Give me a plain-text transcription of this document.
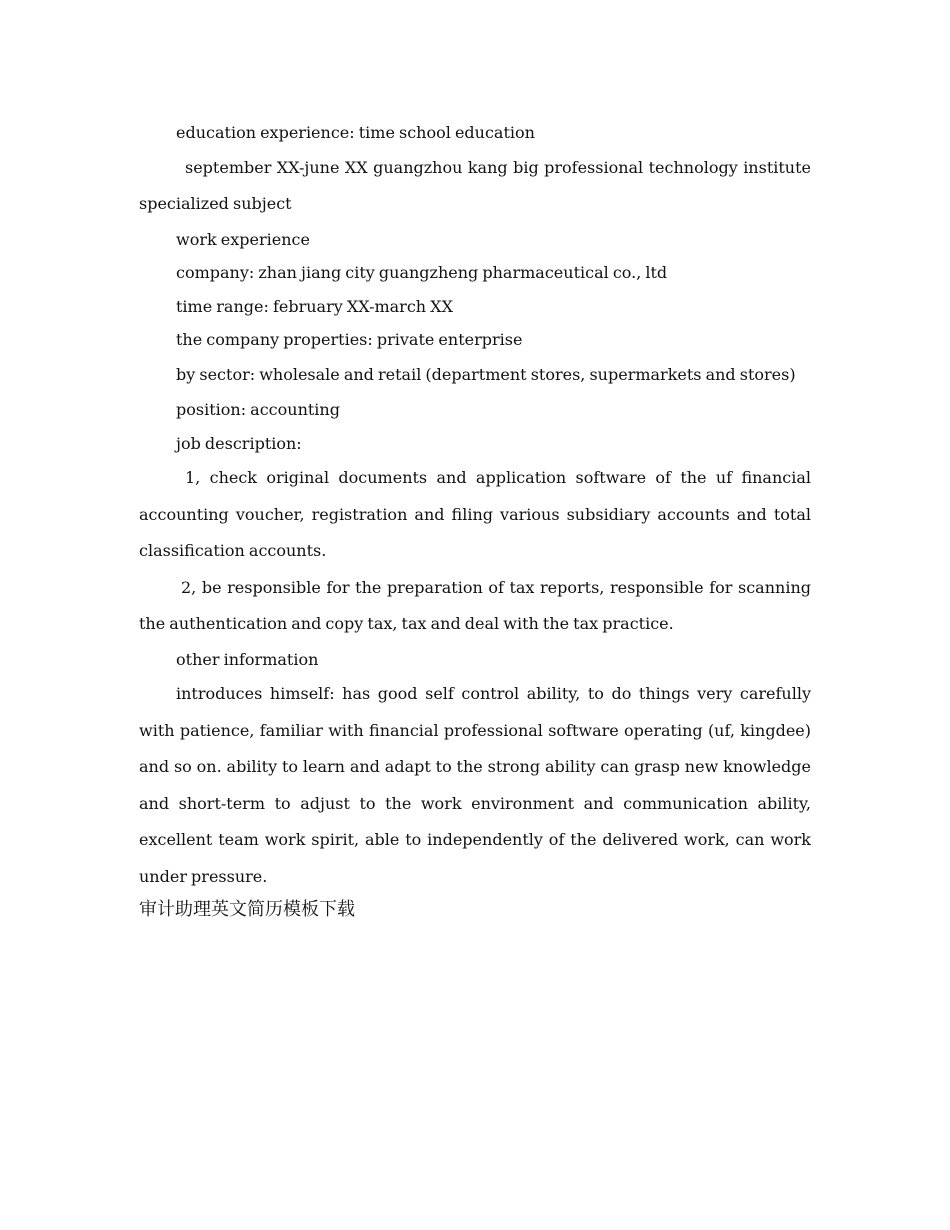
education experience: time school education

september XX-june XX guangzhou kang big professional technology institute specialized subject

work experience

company: zhan jiang city guangzheng pharmaceutical co., ltd

time range: february XX-march XX

the company properties: private enterprise

by sector: wholesale and retail (department stores, supermarkets and stores)

position: accounting

job description:

1, check original documents and application software of the uf financial accounting voucher, registration and filing various subsidiary accounts and total classification accounts.

2, be responsible for the preparation of tax reports, responsible for scanning the authentication and copy tax, tax and deal with the tax practice.

other information

introduces himself: has good self control ability, to do things very carefully with patience, familiar with financial professional software operating (uf, kingdee) and so on. ability to learn and adapt to the strong ability can grasp new knowledge and short-term to adjust to the work environment and communication ability, excellent team work spirit, able to independently of the delivered work, can work under pressure.

审计助理英文简历模板下载
